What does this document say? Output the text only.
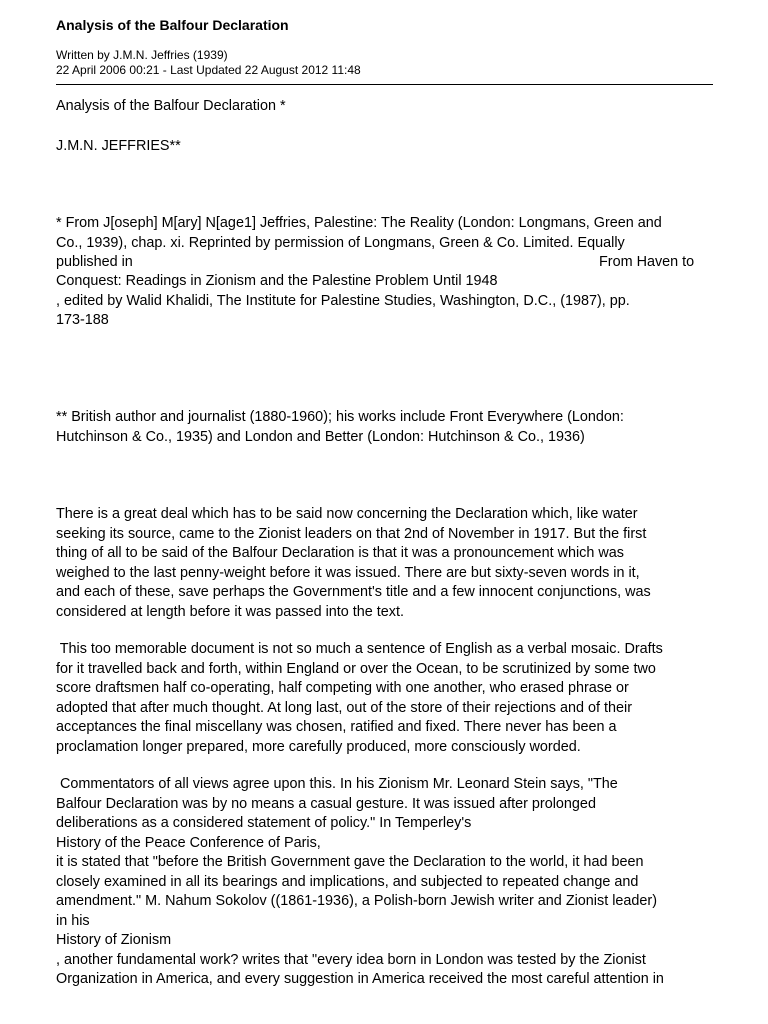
Analysis of the Balfour Declaration
Written by J.M.N. Jeffries (1939)
22 April 2006 00:21 - Last Updated 22 August 2012 11:48
Analysis of the Balfour Declaration *
J.M.N. JEFFRIES**
* From J[oseph] M[ary] N[age1] Jeffries, Palestine: The Reality (London: Longmans, Green and
Co., 1939), chap. xi. Reprinted by permission of Longmans, Green & Co. Limited. Equally
published in	From Haven to
Conquest: Readings in Zionism and the Palestine Problem Until 1948
, edited by Walid Khalidi, The Institute for Palestine Studies, Washington, D.C., (1987), pp.
173-188
** British author and journalist (1880-1960); his works include Front Everywhere (London:
Hutchinson & Co., 1935) and London and Better (London: Hutchinson & Co., 1936)
There is a great deal which has to be said now concerning the Declaration which, like water
seeking its source, came to the Zionist leaders on that 2nd of November in 1917. But the first
thing of all to be said of the Balfour Declaration is that it was a pronouncement which was
weighed to the last penny-weight before it was issued. There are but sixty-seven words in it,
and each of these, save perhaps the Government's title and a few innocent conjunctions, was
considered at length before it was passed into the text.
This too memorable document is not so much a sentence of English as a verbal mosaic. Drafts
for it travelled back and forth, within England or over the Ocean, to be scrutinized by some two
score draftsmen half co-operating, half competing with one another, who erased phrase or
adopted that after much thought. At long last, out of the store of their rejections and of their
acceptances the final miscellany was chosen, ratified and fixed. There never has been a
proclamation longer prepared, more carefully produced, more consciously worded.
Commentators of all views agree upon this. In his Zionism Mr. Leonard Stein says, "The
Balfour Declaration was by no means a casual gesture. It was issued after prolonged
deliberations as a considered statement of policy." In Temperley's
History of the Peace Conference of Paris,
it is stated that "before the British Government gave the Declaration to the world, it had been
closely examined in all its bearings and implications, and subjected to repeated change and
amendment." M. Nahum Sokolov ((1861-1936), a Polish-born Jewish writer and Zionist leader)
in his
History of Zionism
, another fundamental work? writes that "every idea born in London was tested by the Zionist
Organization in America, and every suggestion in America received the most careful attention in
